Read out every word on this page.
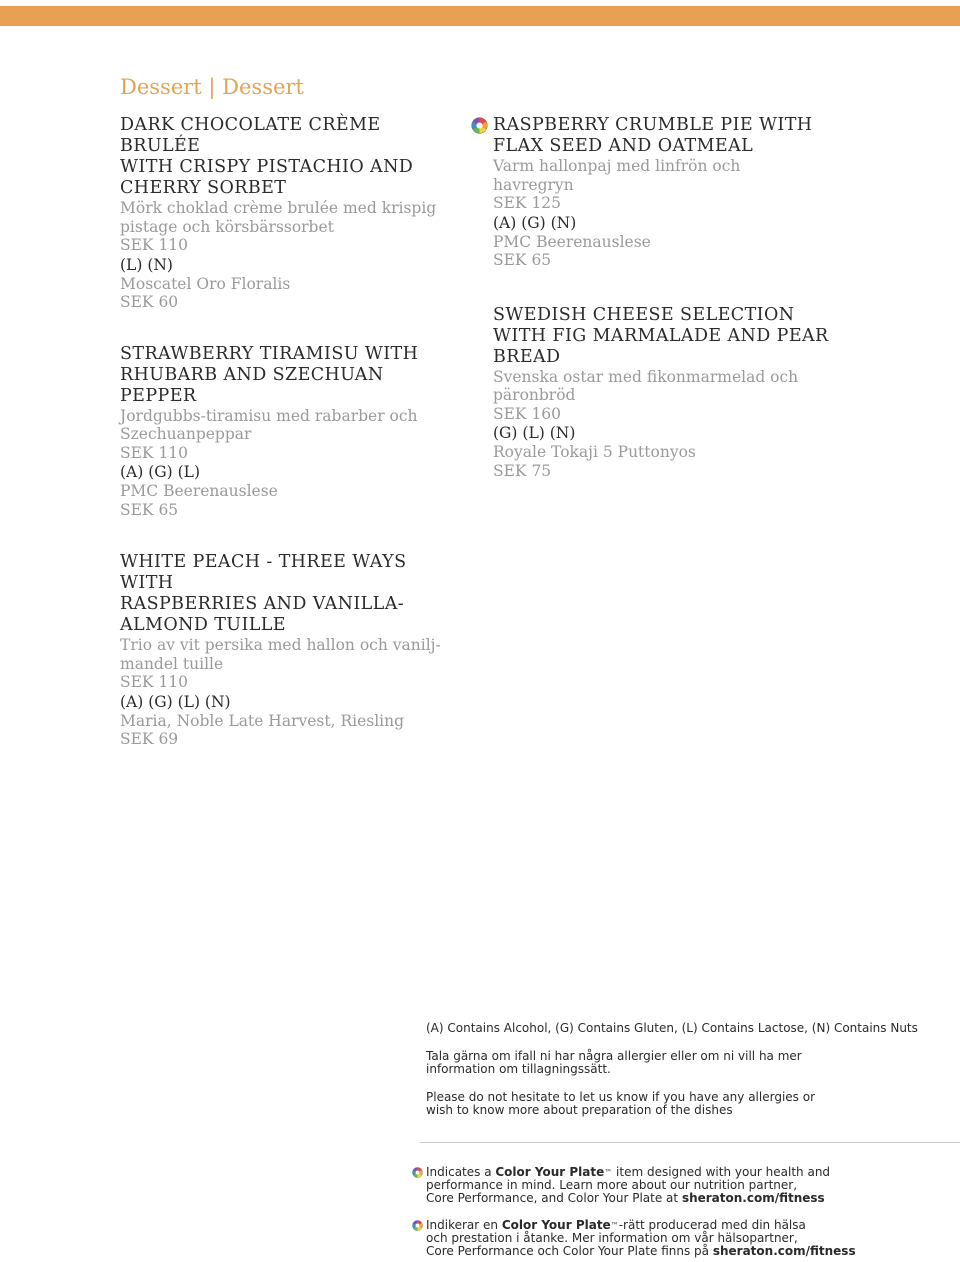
Dessert | Dessert
DARK CHOCOLATE CRÈME BRULÉE
WITH CRISPY PISTACHIO AND
CHERRY SORBET
Mörk choklad crème brulée med krispig
pistage och körsbärssorbet
SEK 110
(L) (N)
Moscatel Oro Floralis
SEK 60
STRAWBERRY TIRAMISU WITH
RHUBARB AND SZECHUAN PEPPER
Jordgubbs-tiramisu med rabarber och
Szechuanpeppar
SEK 110
(A) (G) (L)
PMC Beerenauslese
SEK 65
WHITE PEACH - THREE WAYS WITH
RASPBERRIES AND VANILLA-
ALMOND TUILLE
Trio av vit persika med hallon och vanilj-
mandel tuille
SEK 110
(A) (G) (L) (N)
Maria, Noble Late Harvest, Riesling
SEK 69
RASPBERRY CRUMBLE PIE WITH
FLAX SEED AND OATMEAL
Varm hallonpaj med linfrön och
havregryn
SEK 125
(A) (G) (N)
PMC Beerenauslese
SEK 65
SWEDISH CHEESE SELECTION
WITH FIG MARMALADE AND PEAR
BREAD
Svenska ostar med fikonmarmelad och
päronbröd
SEK 160
(G) (L) (N)
Royale Tokaji 5 Puttonyos
SEK 75

(A) Contains Alcohol, (G) Contains Gluten, (L) Contains Lactose, (N) Contains Nuts

Tala gärna om ifall ni har några allergier eller om ni vill ha mer
information om tillagningssätt.

Please do not hesitate to let us know if you have any allergies or
wish to know more about preparation of the dishes

Indicates a Color Your Plate™ item designed with your health and

performance in mind. Learn more about our nutrition partner,

Core Performance, and Color Your Plate at sheraton.com/fitness

Indikerar en Color Your Plate™-rätt producerad med din hälsa

och prestation i åtanke. Mer information om vår hälsopartner,

Core Performance och Color Your Plate finns på sheraton.com/fitness
